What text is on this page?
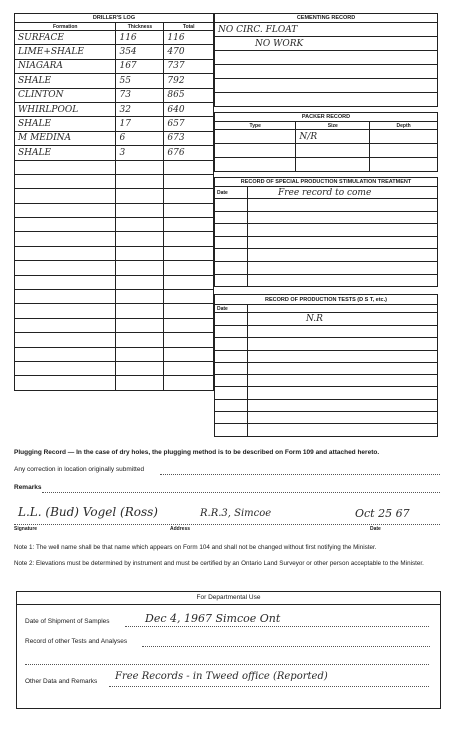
DRILLER'S LOG		
Formation	Thickness	Total
SURFACE	116	116
LIME+SHALE	354	470
NIAGARA	167	737
SHALE	55	792
CLINTON	73	865
WHIRLPOOL	32	640
SHALE	17	657
M MEDINA	6	673
SHALE	3	676

CEMENTING RECORD
NO CIRC. FLOAT
NO WORK

PACKER RECORD		
Type	Size	Depth
	N/R	

RECORD OF SPECIAL PRODUCTION STIMULATION TREATMENT	
Date	Free record to come

RECORD OF PRODUCTION TESTS (D S T, etc.)	
Date	
	N.R

Plugging Record — In the case of dry holes, the plugging method is to be described on Form 109 and attached hereto.
Any correction in location originally submitted
Remarks
L.L. (Bud) Vogel (Ross)	R.R.3, Simcoe	Oct 25 67
Signature	Address	Date
Note 1: The well name shall be that name which appears on Form 104 and shall not be changed without first notifying the Minister.
Note 2: Elevations must be determined by instrument and must be certified by an Ontario Land Surveyor or other person acceptable to the Minister.
For Departmental Use
Date of Shipment of Samples	Dec 4, 1967 Simcoe Ont
Record of other Tests and Analyses
Other Data and Remarks Free Records - in Tweed office (Reported)
